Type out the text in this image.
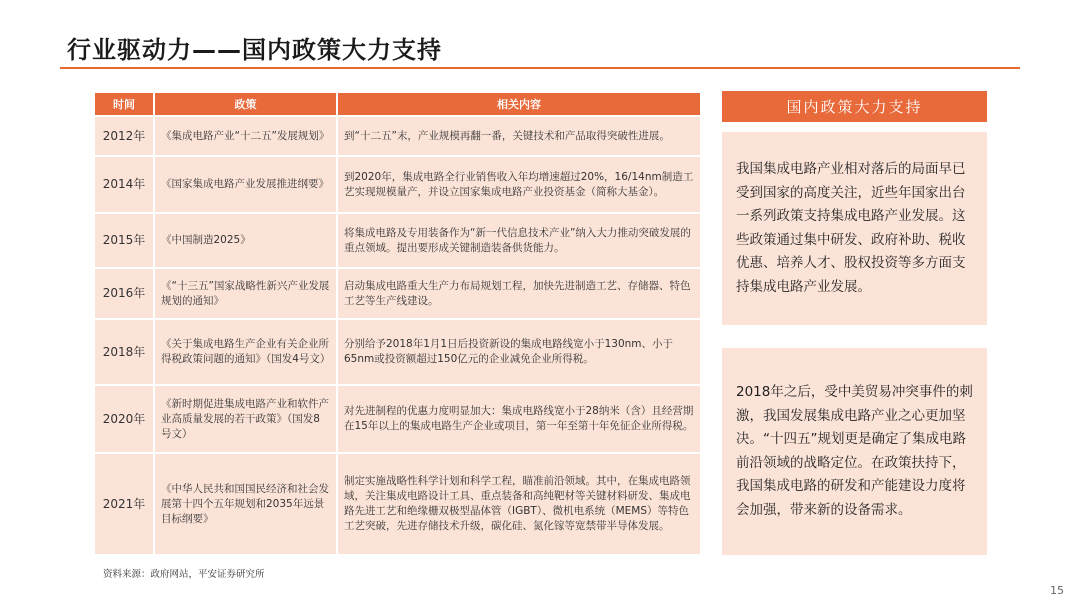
行业驱动力——国内政策大力支持
时间	政策	相关内容
2012年	《集成电路产业“十二五”发展规划》	到“十二五”末，产业规模再翻一番，关键技术和产品取得突破性进展。
2014年	《国家集成电路产业发展推进纲要》	到2020年，集成电路全行业销售收入年均增速超过20%，16/14nm制造工艺实现规模量产，并设立国家集成电路产业投资基金（简称大基金）。
2015年	《中国制造2025》	将集成电路及专用装备作为“新一代信息技术产业”纳入大力推动突破发展的重点领域。提出要形成关键制造装备供货能力。
2016年	《“十三五”国家战略性新兴产业发展规划的通知》	启动集成电路重大生产力布局规划工程，加快先进制造工艺、存储器、特色工艺等生产线建设。
2018年	《关于集成电路生产企业有关企业所得税政策问题的通知》（国发4号文）	分别给予2018年1月1日后投资新设的集成电路线宽小于130nm、小于65nm或投资额超过150亿元的企业减免企业所得税。
2020年	《新时期促进集成电路产业和软件产业高质量发展的若干政策》（国发8号文）	对先进制程的优惠力度明显加大：集成电路线宽小于28纳米（含）且经营期在15年以上的集成电路生产企业或项目，第一年至第十年免征企业所得税。
2021年	《中华人民共和国国民经济和社会发展第十四个五年规划和2035年远景目标纲要》	制定实施战略性科学计划和科学工程，瞄准前沿领域。其中，在集成电路领域，关注集成电路设计工具、重点装备和高纯靶材等关键材料研发、集成电路先进工艺和绝缘栅双极型晶体管（IGBT）、微机电系统（MEMS）等特色工艺突破，先进存储技术升级，碳化硅、氮化镓等宽禁带半导体发展。
国内政策大力支持
我国集成电路产业相对落后的局面早已受到国家的高度关注，近些年国家出台一系列政策支持集成电路产业发展。这些政策通过集中研发、政府补助、税收优惠、培养人才、股权投资等多方面支持集成电路产业发展。
2018年之后，受中美贸易冲突事件的刺激，我国发展集成电路产业之心更加坚决。“十四五”规划更是确定了集成电路前沿领域的战略定位。在政策扶持下，我国集成电路的研发和产能建设力度将会加强，带来新的设备需求。
资料来源：政府网站，平安证券研究所
15
